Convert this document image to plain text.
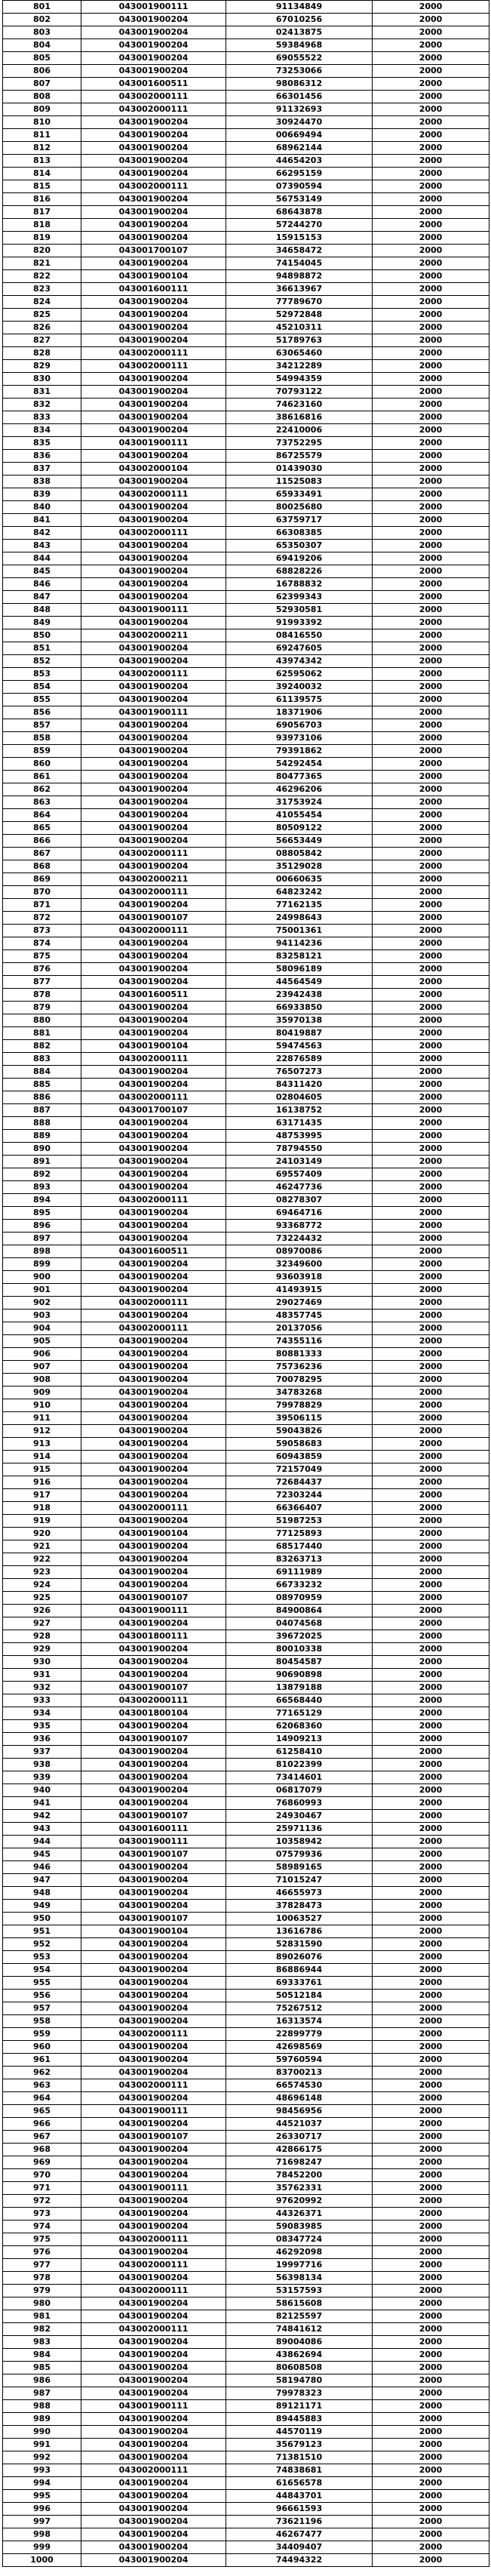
801	043001900111	91134849	2000
802	043001900204	67010256	2000
803	043001900204	02413875	2000
804	043001900204	59384968	2000
805	043001900204	69055522	2000
806	043001900204	73253066	2000
807	043001600511	98086312	2000
808	043002000111	66301456	2000
809	043002000111	91132693	2000
810	043001900204	30924470	2000
811	043001900204	00669494	2000
812	043001900204	68962144	2000
813	043001900204	44654203	2000
814	043001900204	66295159	2000
815	043002000111	07390594	2000
816	043001900204	56753149	2000
817	043001900204	68643878	2000
818	043001900204	57244270	2000
819	043001900204	15915153	2000
820	043001700107	34658472	2000
821	043001900204	74154045	2000
822	043001900104	94898872	2000
823	043001600111	36613967	2000
824	043001900204	77789670	2000
825	043001900204	52972848	2000
826	043001900204	45210311	2000
827	043001900204	51789763	2000
828	043002000111	63065460	2000
829	043002000111	34212289	2000
830	043001900204	54994359	2000
831	043001900204	70793122	2000
832	043001900204	74623160	2000
833	043001900204	38616816	2000
834	043001900204	22410006	2000
835	043001900111	73752295	2000
836	043001900204	86725579	2000
837	043002000104	01439030	2000
838	043001900204	11525083	2000
839	043002000111	65933491	2000
840	043001900204	80025680	2000
841	043001900204	63759717	2000
842	043002000111	66308385	2000
843	043001900204	65350307	2000
844	043001900204	69419206	2000
845	043001900204	68828226	2000
846	043001900204	16788832	2000
847	043001900204	62399343	2000
848	043001900111	52930581	2000
849	043001900204	91993392	2000
850	043002000211	08416550	2000
851	043001900204	69247605	2000
852	043001900204	43974342	2000
853	043002000111	62595062	2000
854	043001900204	39240032	2000
855	043001900204	61139575	2000
856	043001900111	18371906	2000
857	043001900204	69056703	2000
858	043001900204	93973106	2000
859	043001900204	79391862	2000
860	043001900204	54292454	2000
861	043001900204	80477365	2000
862	043001900204	46296206	2000
863	043001900204	31753924	2000
864	043001900204	41055454	2000
865	043001900204	80509122	2000
866	043001900204	56653449	2000
867	043002000111	08805842	2000
868	043001900204	35129028	2000
869	043002000211	00660635	2000
870	043002000111	64823242	2000
871	043001900204	77162135	2000
872	043001900107	24998643	2000
873	043002000111	75001361	2000
874	043001900204	94114236	2000
875	043001900204	83258121	2000
876	043001900204	58096189	2000
877	043001900204	44564549	2000
878	043001600511	23942438	2000
879	043001900204	66933850	2000
880	043001900204	35970138	2000
881	043001900204	80419887	2000
882	043001900104	59474563	2000
883	043002000111	22876589	2000
884	043001900204	76507273	2000
885	043001900204	84311420	2000
886	043002000111	02804605	2000
887	043001700107	16138752	2000
888	043001900204	63171435	2000
889	043001900204	48753995	2000
890	043001900204	78794550	2000
891	043001900204	24103149	2000
892	043001900204	69557409	2000
893	043001900204	46247736	2000
894	043002000111	08278307	2000
895	043001900204	69464716	2000
896	043001900204	93368772	2000
897	043001900204	73224432	2000
898	043001600511	08970086	2000
899	043001900204	32349600	2000
900	043001900204	93603918	2000
901	043001900204	41493915	2000
902	043002000111	29027469	2000
903	043001900204	48357745	2000
904	043002000111	20137056	2000
905	043001900204	74355116	2000
906	043001900204	80881333	2000
907	043001900204	75736236	2000
908	043001900204	70078295	2000
909	043001900204	34783268	2000
910	043001900204	79978829	2000
911	043001900204	39506115	2000
912	043001900204	59043826	2000
913	043001900204	59058683	2000
914	043001900204	60943859	2000
915	043001900204	72157049	2000
916	043001900204	72684437	2000
917	043001900204	72303244	2000
918	043002000111	66366407	2000
919	043001900204	51987253	2000
920	043001900104	77125893	2000
921	043001900204	68517440	2000
922	043001900204	83263713	2000
923	043001900204	69111989	2000
924	043001900204	66733232	2000
925	043001900107	08970959	2000
926	043001900111	84900864	2000
927	043001900204	04074568	2000
928	043001800111	39672025	2000
929	043001900204	80010338	2000
930	043001900204	80454587	2000
931	043001900204	90690898	2000
932	043001900107	13879188	2000
933	043002000111	66568440	2000
934	043001800104	77165129	2000
935	043001900204	62068360	2000
936	043001900107	14909213	2000
937	043001900204	61258410	2000
938	043001900204	81022399	2000
939	043001900204	73414601	2000
940	043001900204	06817079	2000
941	043001900204	76860993	2000
942	043001900107	24930467	2000
943	043001600111	25971136	2000
944	043001900111	10358942	2000
945	043001900107	07579936	2000
946	043001900204	58989165	2000
947	043001900204	71015247	2000
948	043001900204	46655973	2000
949	043001900204	37828473	2000
950	043001900107	10063527	2000
951	043001900104	13616786	2000
952	043001900204	52831590	2000
953	043001900204	89026076	2000
954	043001900204	86886944	2000
955	043001900204	69333761	2000
956	043001900204	50512184	2000
957	043001900204	75267512	2000
958	043001900204	16313574	2000
959	043002000111	22899779	2000
960	043001900204	42698569	2000
961	043001900204	59760594	2000
962	043001900204	83700213	2000
963	043002000111	66574530	2000
964	043001900204	48696148	2000
965	043001900111	98456956	2000
966	043001900204	44521037	2000
967	043001900107	26330717	2000
968	043001900204	42866175	2000
969	043001900204	71698247	2000
970	043001900204	78452200	2000
971	043001900111	35762331	2000
972	043001900204	97620992	2000
973	043001900204	44326371	2000
974	043001900204	59083985	2000
975	043002000111	08347724	2000
976	043001900204	46292098	2000
977	043002000111	19997716	2000
978	043001900204	56398134	2000
979	043002000111	53157593	2000
980	043001900204	58615608	2000
981	043001900204	82125597	2000
982	043002000111	74841612	2000
983	043001900204	89004086	2000
984	043001900204	43862694	2000
985	043001900204	80608508	2000
986	043001900204	58194780	2000
987	043001900204	79978323	2000
988	043001900111	89121171	2000
989	043001900204	89445883	2000
990	043001900204	44570119	2000
991	043001900204	35679123	2000
992	043001900204	71381510	2000
993	043002000111	74838681	2000
994	043001900204	61656578	2000
995	043001900204	44843701	2000
996	043001900204	96661593	2000
997	043001900204	73621196	2000
998	043001900204	46267477	2000
999	043001900204	34409407	2000
1000	043001900204	74494322	2000
